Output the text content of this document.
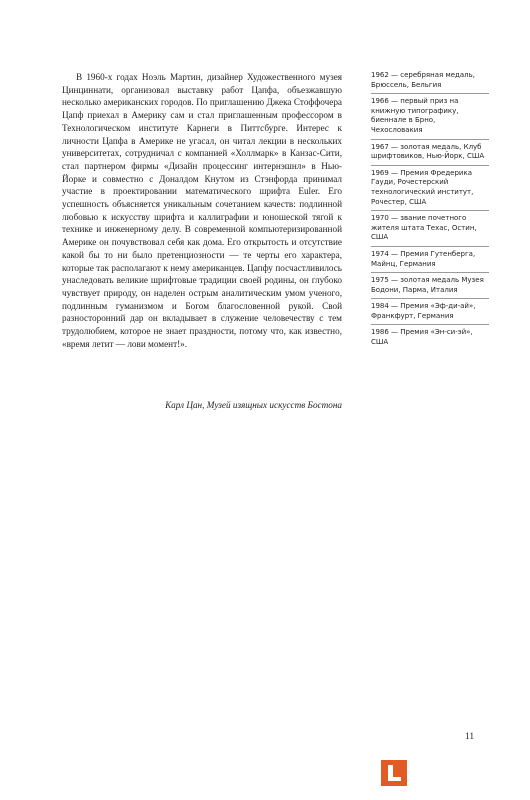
В 1960-х годах Ноэль Мартин, дизайнер Художественного музея Цинциннати, организовал выставку работ Цапфа, объезжавшую несколько американских городов. По приглашению Джека Стоффочера Цапф приехал в Америку сам и стал приглашенным профессором в Технологическом институте Карнеги в Питтсбурге. Интерес к личности Цапфа в Америке не угасал, он читал лекции в нескольких университетах, сотрудничал с компанией «Холлмарк» в Канзас-Сити, стал партнером фирмы «Дизайн процессинг интернэшнл» в Нью-Йорке и совместно с Доналдом Кнутом из Стэнфорда принимал участие в проектировании математического шрифта Euler. Его успешность объясняется уникальным сочетанием качеств: подлинной любовью к искусству шрифта и каллиграфии и юношеской тягой к технике и инженерному делу. В современной компьютеризированной Америке он почувствовал себя как дома. Его открытость и отсутствие какой бы то ни было претенциозности — те черты его характера, которые так располагают к нему американцев. Цапфу посчастливилось унаследовать великие шрифтовые традиции своей родины, он глубоко чувствует природу, он наделен острым аналитическим умом ученого, подлинным гуманизмом и Богом благословенной рукой. Свой разносторонний дар он вкладывает в служение человечеству с тем трудолюбием, которое не знает праздности, потому что, как известно, «время летит — лови момент!».

Карл Цан, Музей изящных искусств Бостона
1962 — серебряная медаль, Брюссель, Бельгия
1966 — первый приз на книжную типографику, биеннале в Брно, Чехословакия
1967 — золотая медаль, Клуб шрифтовиков, Нью-Йорк, США
1969 — Премия Фредерика Гауди, Рочестерский технологический институт, Рочестер, США
1970 — звание почетного жителя штата Техас, Остин, США
1974 — Премия Гутенберга, Майнц, Германия
1975 — золотая медаль Музея Бодони, Парма, Италия
1984 — Премия «Эф-ди-ай», Франкфурт, Германия
1986 — Премия «Эн-си-эй», США
11
